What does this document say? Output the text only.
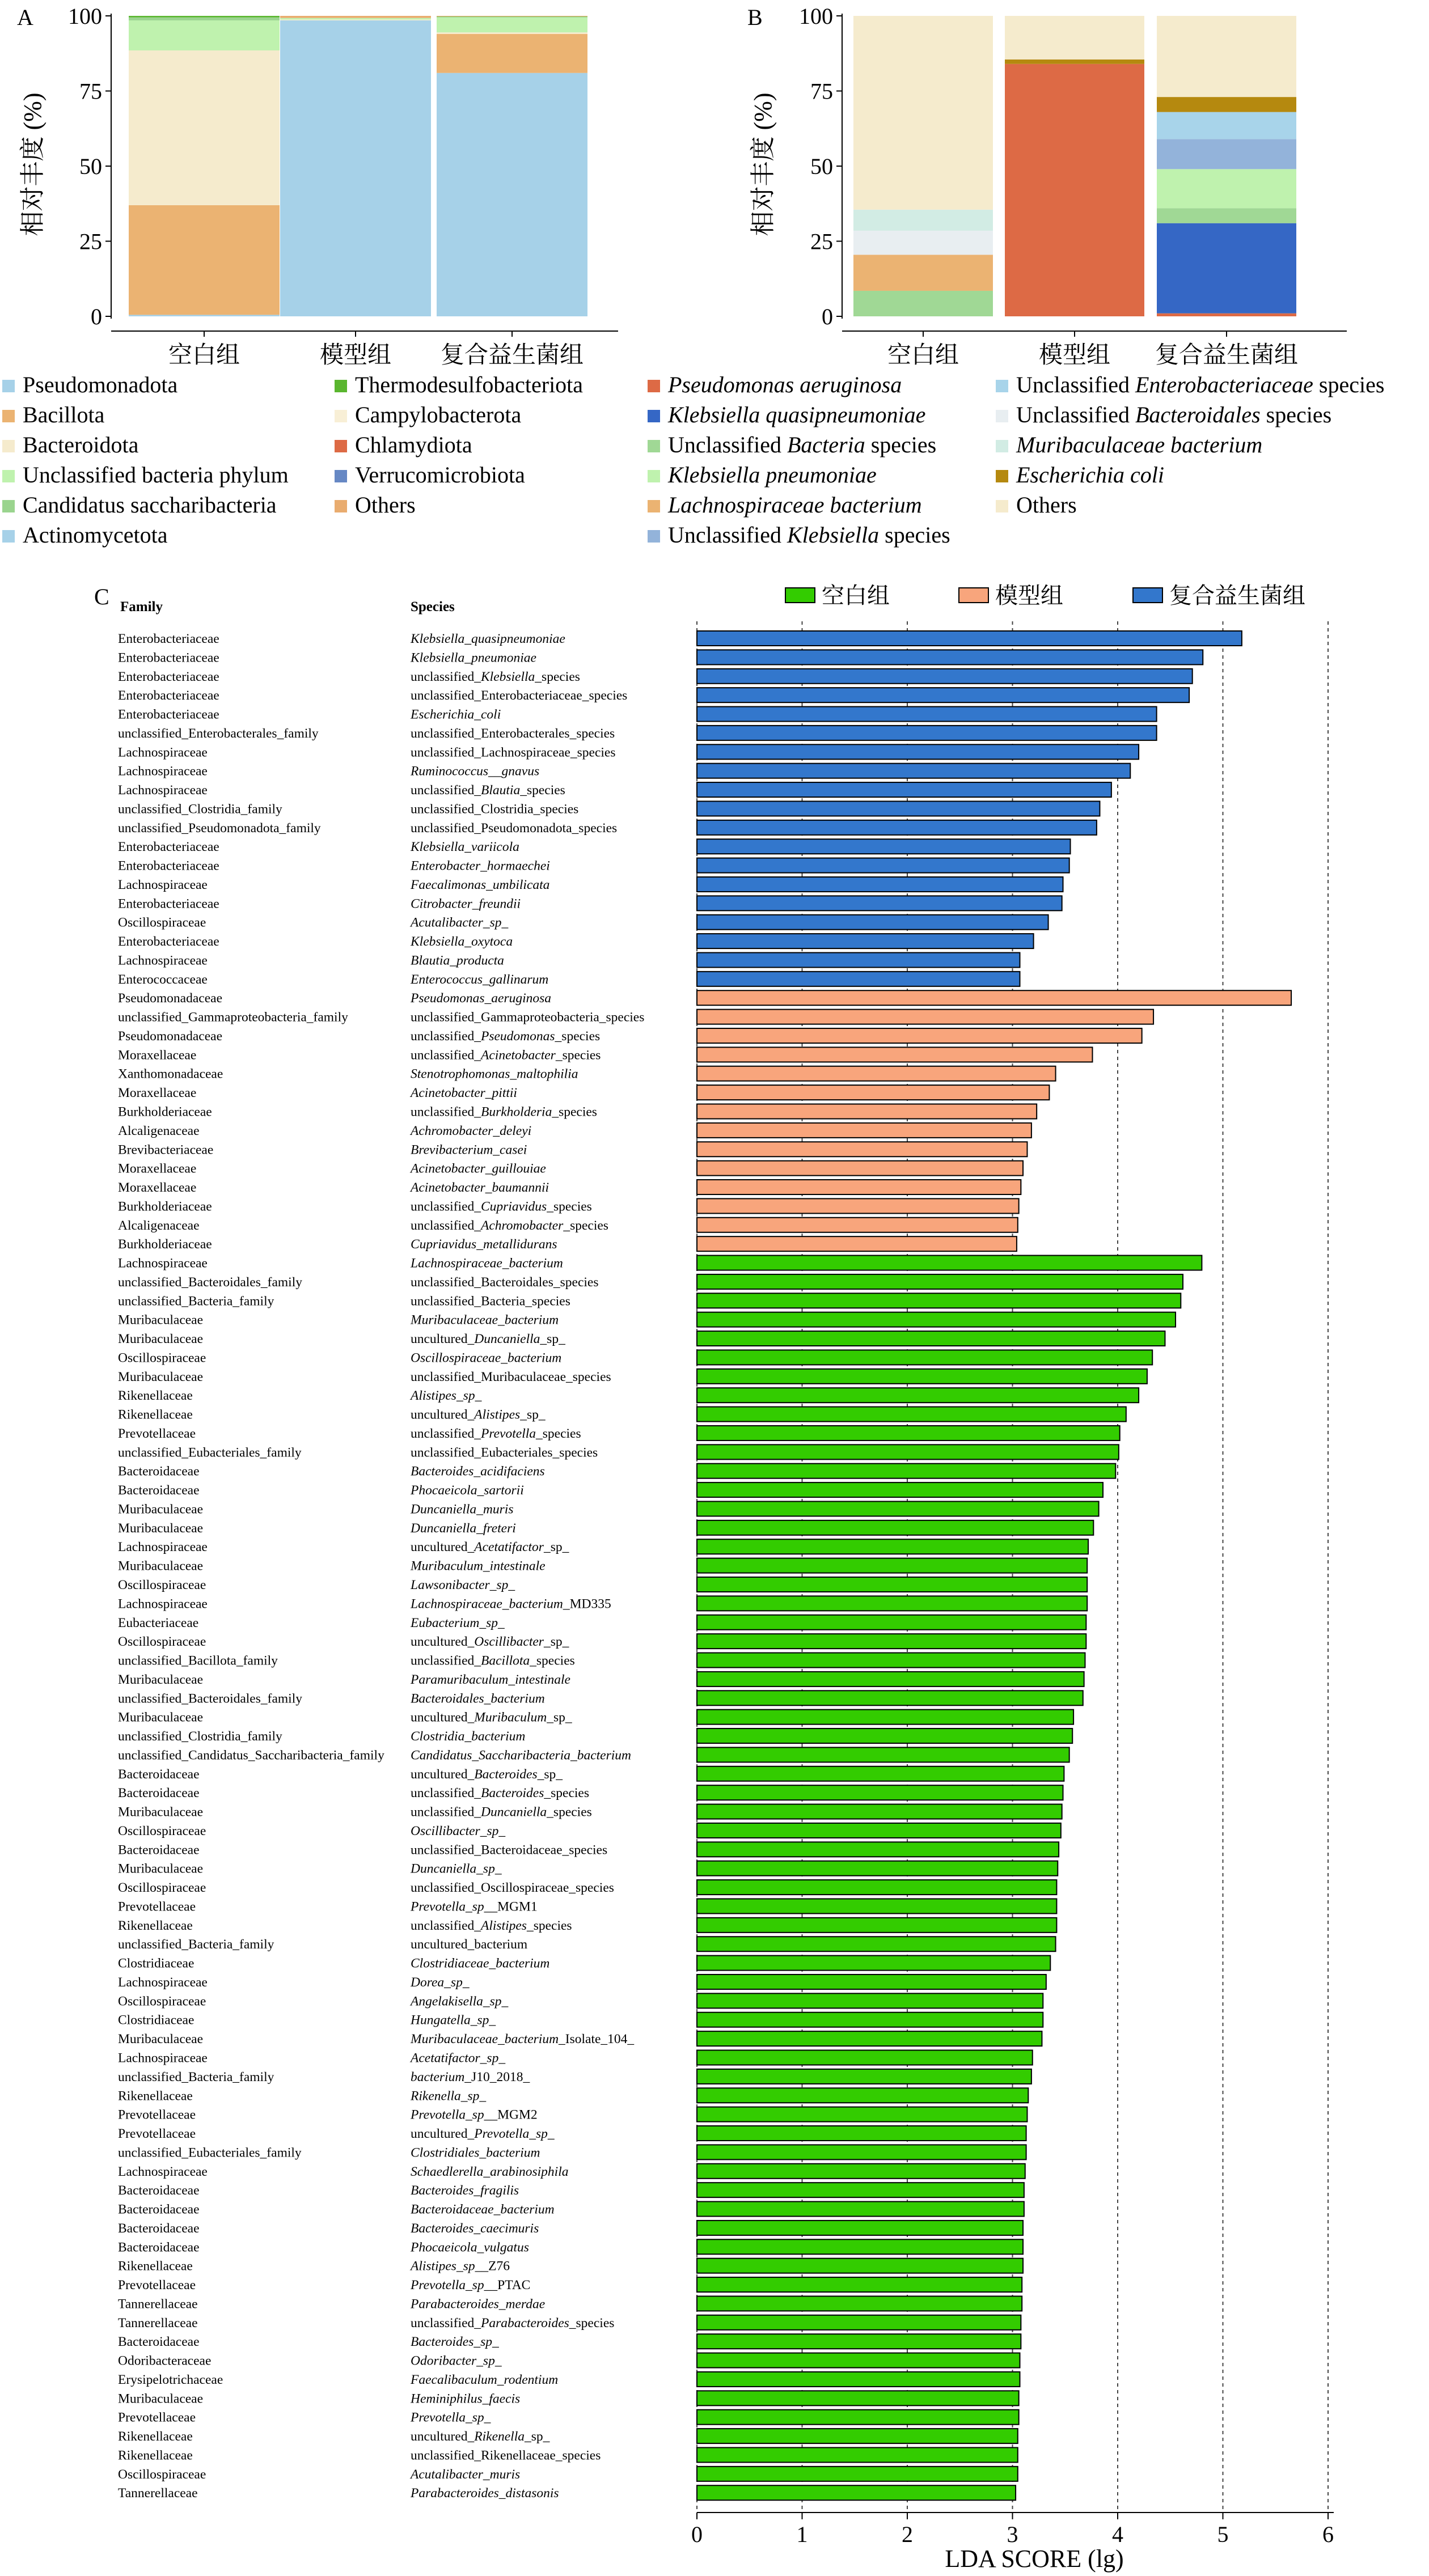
A
相对丰度 (%)
0
25
50
75
100
空白组	模型组 复合益生菌组
B
相对丰度 (%)
0
25
50
75
100
空白组	模型组 复合益生菌组
Pseudomonadota
Bacillota
Bacteroidota
Unclassified bacteria phylum
Candidatus saccharibacteria
Actinomycetota
Thermodesulfobacteriota
Campylobacterota
Chlamydiota
Verrucomicrobiota
Others
Pseudomonas aeruginosa
Klebsiella quasipneumoniae
Unclassified Bacteria species
Klebsiella pneumoniae
Lachnospiraceae bacterium
Unclassified Klebsiella species
Unclassified Enterobacteriaceae species
Unclassified Bacteroidales species
Muribaculaceae bacterium
Escherichia coli
Others
C Family	Species	空白组	模型组	复合益生菌组
0	1	2	3	4	5	6
Enterobacteriaceae	Klebsiella_quasipneumoniae
Enterobacteriaceae	Klebsiella_pneumoniae
Enterobacteriaceae	unclassified_Klebsiella_species
Enterobacteriaceae	unclassified_Enterobacteriaceae_species
Enterobacteriaceae	Escherichia_coli
unclassified_Enterobacterales_family	unclassified_Enterobacterales_species
Lachnospiraceae	unclassified_Lachnospiraceae_species
Lachnospiraceae	Ruminococcus__gnavus
Lachnospiraceae	unclassified_Blautia_species
unclassified_Clostridia_family	unclassified_Clostridia_species
unclassified_Pseudomonadota_family	unclassified_Pseudomonadota_species
Enterobacteriaceae	Klebsiella_variicola
Enterobacteriaceae	Enterobacter_hormaechei
Lachnospiraceae	Faecalimonas_umbilicata
Enterobacteriaceae	Citrobacter_freundii
Oscillospiraceae	Acutalibacter_sp_
Enterobacteriaceae	Klebsiella_oxytoca
Lachnospiraceae	Blautia_producta
Enterococcaceae	Enterococcus_gallinarum
Pseudomonadaceae	Pseudomonas_aeruginosa
unclassified_Gammaproteobacteria_family	unclassified_Gammaproteobacteria_species
Pseudomonadaceae	unclassified_Pseudomonas_species
Moraxellaceae	unclassified_Acinetobacter_species
Xanthomonadaceae	Stenotrophomonas_maltophilia
Moraxellaceae	Acinetobacter_pittii
Burkholderiaceae	unclassified_Burkholderia_species
Alcaligenaceae	Achromobacter_deleyi
Brevibacteriaceae	Brevibacterium_casei
Moraxellaceae	Acinetobacter_guillouiae
Moraxellaceae	Acinetobacter_baumannii
Burkholderiaceae	unclassified_Cupriavidus_species
Alcaligenaceae	unclassified_Achromobacter_species
Burkholderiaceae	Cupriavidus_metallidurans
Lachnospiraceae	Lachnospiraceae_bacterium
unclassified_Bacteroidales_family	unclassified_Bacteroidales_species
unclassified_Bacteria_family	unclassified_Bacteria_species
Muribaculaceae	Muribaculaceae_bacterium
Muribaculaceae	uncultured_Duncaniella_sp_
Oscillospiraceae	Oscillospiraceae_bacterium
Muribaculaceae	unclassified_Muribaculaceae_species
Rikenellaceae	Alistipes_sp_
Rikenellaceae	uncultured_Alistipes_sp_
Prevotellaceae	unclassified_Prevotella_species
unclassified_Eubacteriales_family	unclassified_Eubacteriales_species
Bacteroidaceae	Bacteroides_acidifaciens
Bacteroidaceae	Phocaeicola_sartorii
Muribaculaceae	Duncaniella_muris
Muribaculaceae	Duncaniella_freteri
Lachnospiraceae	uncultured_Acetatifactor_sp_
Muribaculaceae	Muribaculum_intestinale
Oscillospiraceae	Lawsonibacter_sp_
Lachnospiraceae	Lachnospiraceae_bacterium_MD335
Eubacteriaceae	Eubacterium_sp_
Oscillospiraceae	uncultured_Oscillibacter_sp_
unclassified_Bacillota_family	unclassified_Bacillota_species
Muribaculaceae	Paramuribaculum_intestinale
unclassified_Bacteroidales_family	Bacteroidales_bacterium
Muribaculaceae	uncultured_Muribaculum_sp_
unclassified_Clostridia_family	Clostridia_bacterium
unclassified_Candidatus_Saccharibacteria_family Candidatus_Saccharibacteria_bacterium
Bacteroidaceae	uncultured_Bacteroides_sp_
Bacteroidaceae	unclassified_Bacteroides_species
Muribaculaceae	unclassified_Duncaniella_species
Oscillospiraceae	Oscillibacter_sp_
Bacteroidaceae	unclassified_Bacteroidaceae_species
Muribaculaceae	Duncaniella_sp_
Oscillospiraceae	unclassified_Oscillospiraceae_species
Prevotellaceae	Prevotella_sp__MGM1
Rikenellaceae	unclassified_Alistipes_species
unclassified_Bacteria_family	uncultured_bacterium
Clostridiaceae	Clostridiaceae_bacterium
Lachnospiraceae	Dorea_sp_
Oscillospiraceae	Angelakisella_sp_
Clostridiaceae	Hungatella_sp_
Muribaculaceae	Muribaculaceae_bacterium_Isolate_104_
Lachnospiraceae	Acetatifactor_sp_
unclassified_Bacteria_family	bacterium_J10_2018_
Rikenellaceae	Rikenella_sp_
Prevotellaceae	Prevotella_sp__MGM2
Prevotellaceae	uncultured_Prevotella_sp_
unclassified_Eubacteriales_family	Clostridiales_bacterium
Lachnospiraceae	Schaedlerella_arabinosiphila
Bacteroidaceae	Bacteroides_fragilis
Bacteroidaceae	Bacteroidaceae_bacterium
Bacteroidaceae	Bacteroides_caecimuris
Bacteroidaceae	Phocaeicola_vulgatus
Rikenellaceae	Alistipes_sp__Z76
Prevotellaceae	Prevotella_sp__PTAC
Tannerellaceae	Parabacteroides_merdae
Tannerellaceae	unclassified_Parabacteroides_species
Bacteroidaceae	Bacteroides_sp_
Odoribacteraceae	Odoribacter_sp_
Erysipelotrichaceae	Faecalibaculum_rodentium
Muribaculaceae	Heminiphilus_faecis
Prevotellaceae	Prevotella_sp_
Rikenellaceae	uncultured_Rikenella_sp_
Rikenellaceae	unclassified_Rikenellaceae_species
Oscillospiraceae	Acutalibacter_muris
Tannerellaceae	Parabacteroides_distasonis
LDA SCORE (lg)
